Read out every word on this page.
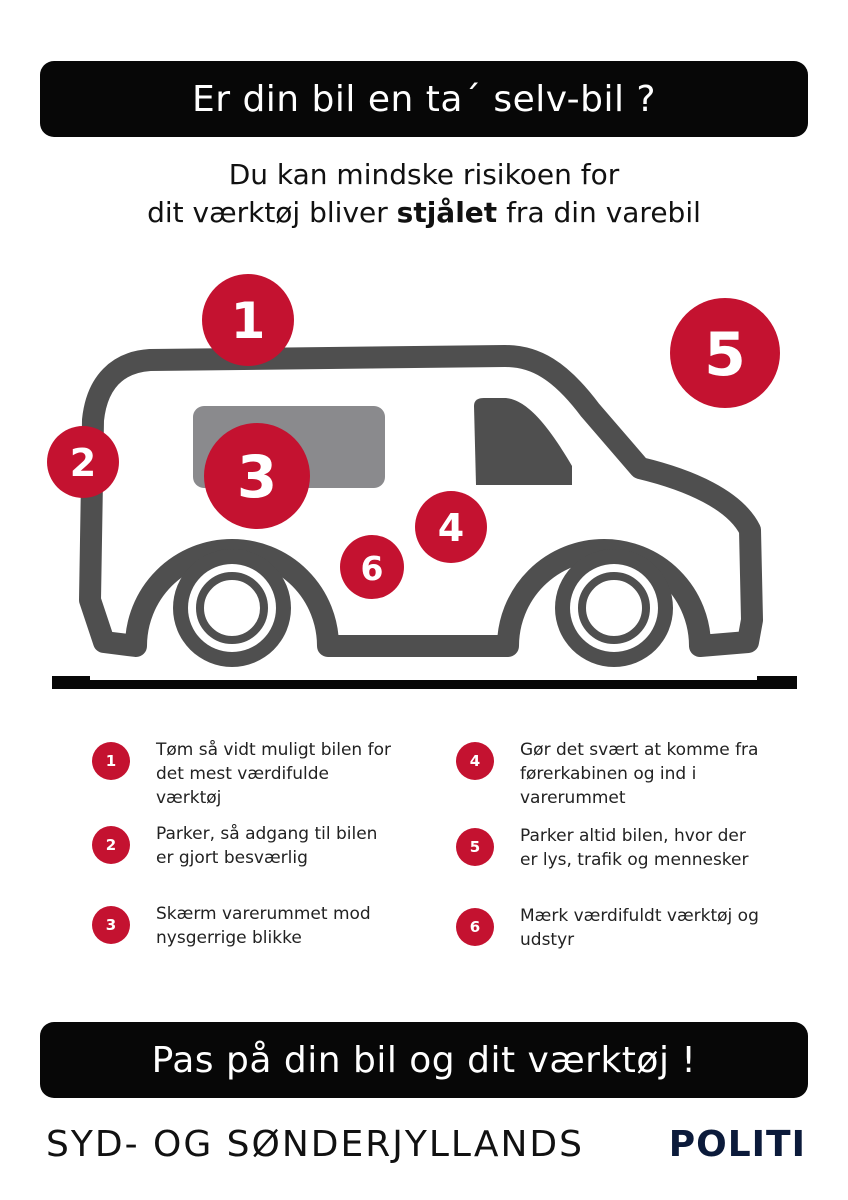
Er din bil en ta´ selv-bil ?
Du kan mindske risikoen for
dit værktøj bliver stjålet fra din varebil
1
2 3
4
5
6
1
Tøm så vidt muligt bilen for det mest værdifulde værktøj
2
Parker, så adgang til bilen er gjort besværlig
3
Skærm varerummet mod nysgerrige blikke
4
Gør det svært at komme fra førerkabinen og ind i varerummet
5
Parker altid bilen, hvor der er lys, trafik og mennesker
6
Mærk værdifuldt værktøj og udstyr
Pas på din bil og dit værktøj !
SYD- OG SØNDERJYLLANDS POLITI
